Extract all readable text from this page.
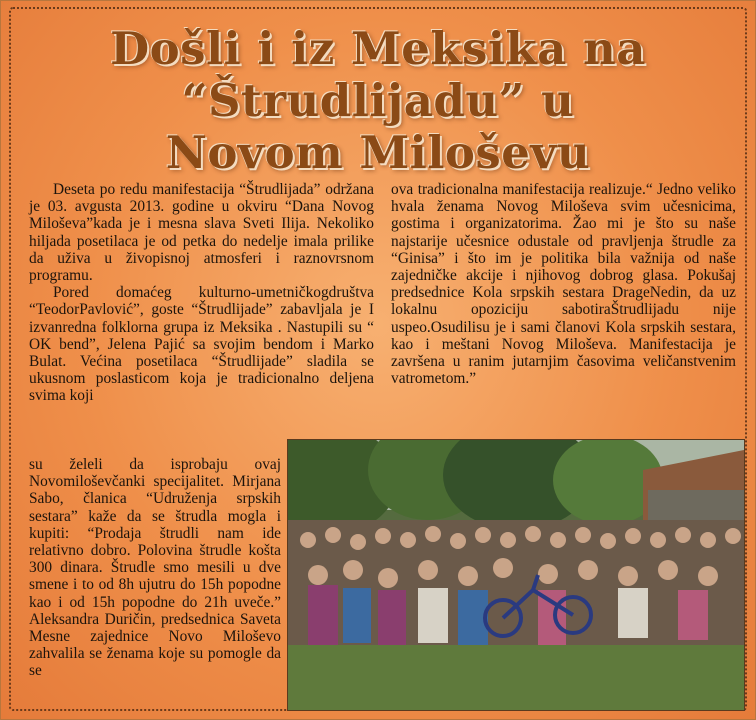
Došli i iz Meksika na
“Štrudlijadu” u
Novom Miloševu

Deseta po redu manifestacija “Štrudlijada” održana je 03. avgusta 2013. godine u okviru “Dana Novog Miloševa”kada je i mesna slava Sveti Ilija. Nekoliko hiljada posetilaca je od petka do nedelje imala prilike da uživa u živopisnoj atmosferi i raznovrsnom programu.

Pored domaćeg kulturno-umetničkogdruštva “TeodorPavlović”, goste “Štrudlijade” zabavljala je I izvanredna folklorna grupa iz Meksika . Nastupili su “ OK bend”, Jelena Pajić sa svojim bendom i Marko Bulat. Većina posetilaca “Štrudlijade” sladila se ukusnom poslasticom koja je tradicionalno deljena svima koji

su želeli da isprobaju ovaj Novomiloševčanki specijalitet. Mirjana Sabo, članica “Udruženja srpskih sestara” kaže da se štrudla mogla i kupiti: “Prodaja štrudli nam ide relativno dobro. Polovina štrudle košta 300 dinara. Štrudle smo mesili u dve smene i to od 8h ujutru do 15h popodne kao i od 15h popodne do 21h uveče.” Aleksandra Duričin, predsednica Saveta Mesne zajednice Novo Miloševo zahvalila se ženama koje su pomogle da se

ova tradicionalna manifestacija realizuje.“ Jedno veliko hvala ženama Novog Miloševa svim učesnicima, gostima i organizatorima. Žao mi je što su naše najstarije učesnice odustale od pravljenja štrudle za “Ginisa” i što im je politika bila važnija od naše zajedničke akcije i njihovog dobrog glasa. Pokušaj predsednice Kola srpskih sestara DrageNedin, da uz lokalnu opoziciju sabotiraŠtrudlijadu nije uspeo.Osudilisu je i sami članovi Kola srpskih sestara, kao i meštani Novog Miloševa. Manifestacija je završena u ranim jutarnjim časovima veličanstvenim vatrometom.”
